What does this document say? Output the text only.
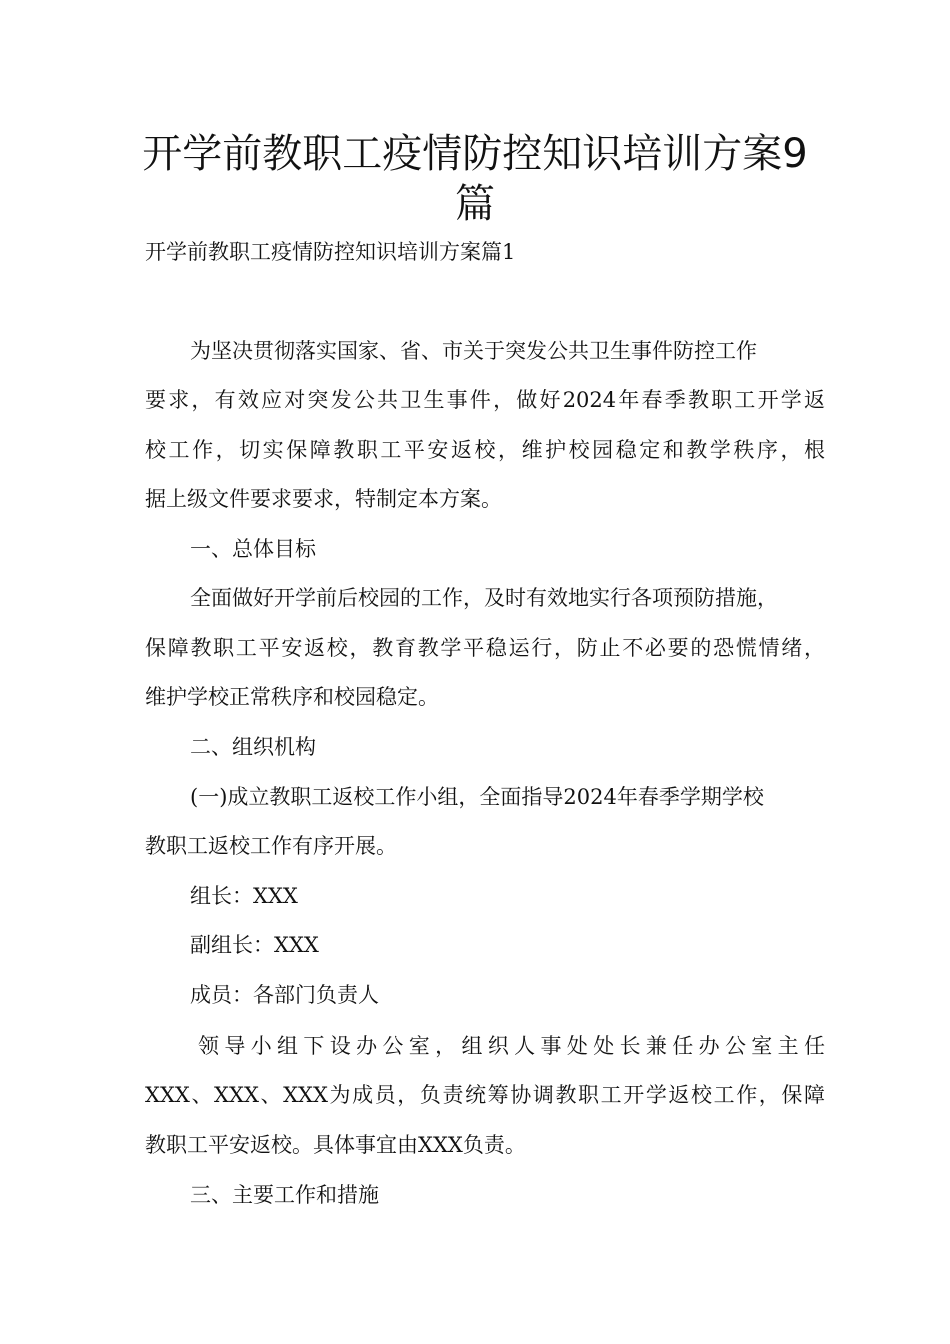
开学前教职工疫情防控知识培训方案9
篇
开学前教职工疫情防控知识培训方案篇1
为坚决贯彻落实国家、省、市关于突发公共卫生事件防控工作
要求，有效应对突发公共卫生事件，做好2024年春季教职工开学返
校工作，切实保障教职工平安返校，维护校园稳定和教学秩序，根
据上级文件要求要求，特制定本方案。
一、总体目标
全面做好开学前后校园的工作，及时有效地实行各项预防措施，
保障教职工平安返校，教育教学平稳运行，防止不必要的恐慌情绪，
维护学校正常秩序和校园稳定。
二、组织机构
(一)成立教职工返校工作小组，全面指导2024年春季学期学校
教职工返校工作有序开展。
组长：XXX
副组长：XXX
成员：各部门负责人
领导小组下设办公室，组织人事处处长兼任办公室主任
XXX、XXX、XXX为成员，负责统筹协调教职工开学返校工作，保障
教职工平安返校。具体事宜由XXX负责。
三、主要工作和措施
